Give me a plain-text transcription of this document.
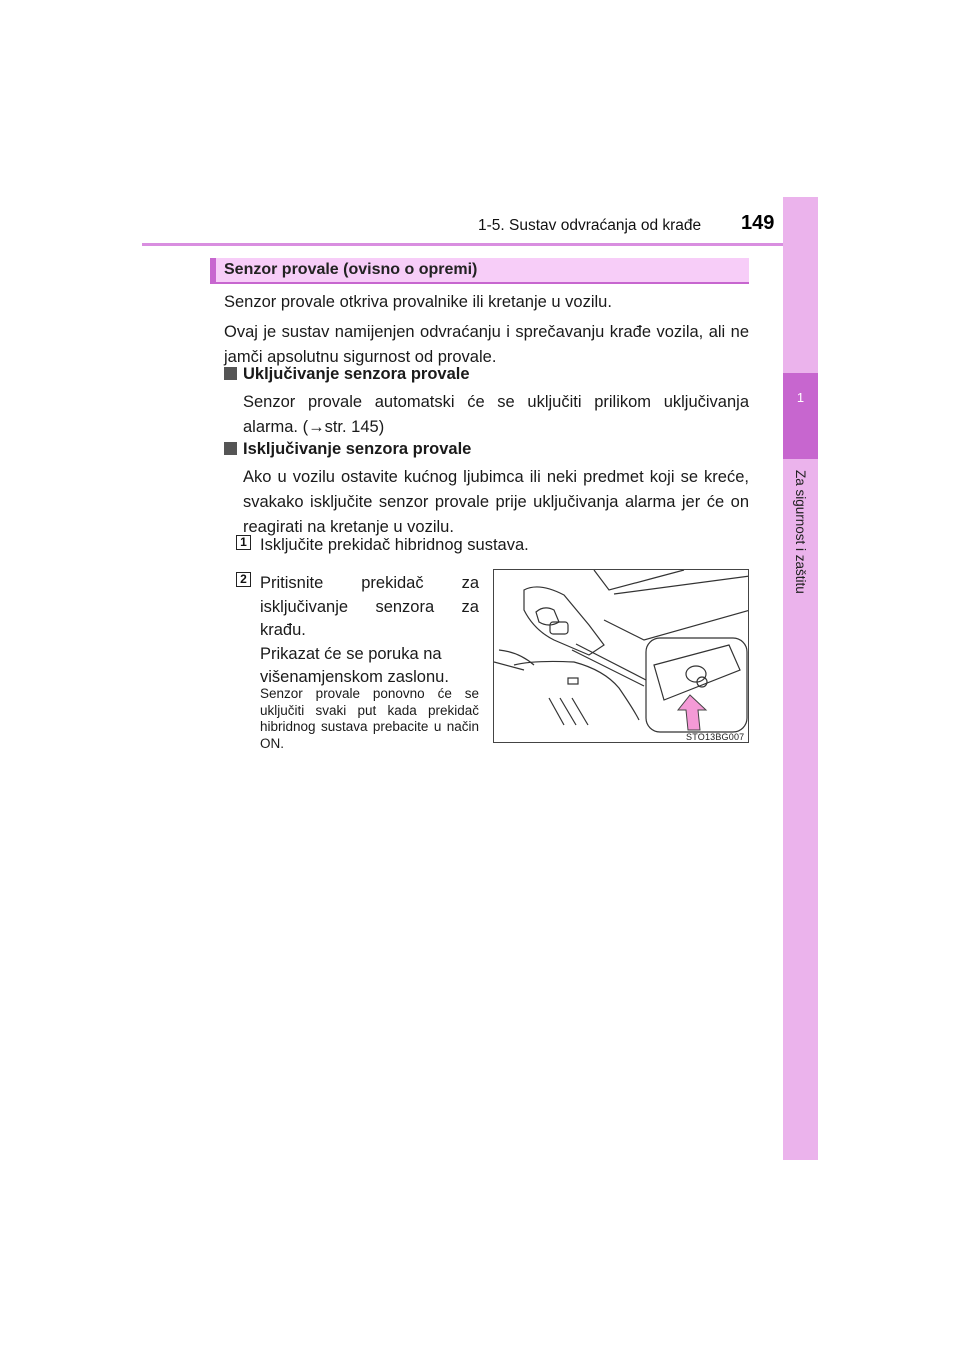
1-5. Sustav odvraćanja od krađe 149
1
Za sigurnost i zaštitu
Senzor provale (ovisno o opremi)
Senzor provale otkriva provalnike ili kretanje u vozilu.
Ovaj je sustav namijenjen odvraćanju i sprečavanju krađe vozila, ali ne jamči apsolutnu sigurnost od provale.
Uključivanje senzora provale
Senzor provale automatski će se uključiti prilikom uključivanja alarma. (→str. 145)
Isključivanje senzora provale
Ako u vozilu ostavite kućnog ljubimca ili neki predmet koji se kreće, svakako isključite senzor provale prije uključivanja alarma jer će on reagirati na kretanje u vozilu.
1 Isključite prekidač hibridnog sustava.
2 Pritisnite prekidač za isključivanje senzora za krađu.
Prikazat će se poruka na višenamjenskom zaslonu.
Senzor provale ponovno će se uključiti svaki put kada prekidač hibridnog sustava prebacite u način ON.	STO13BG007
